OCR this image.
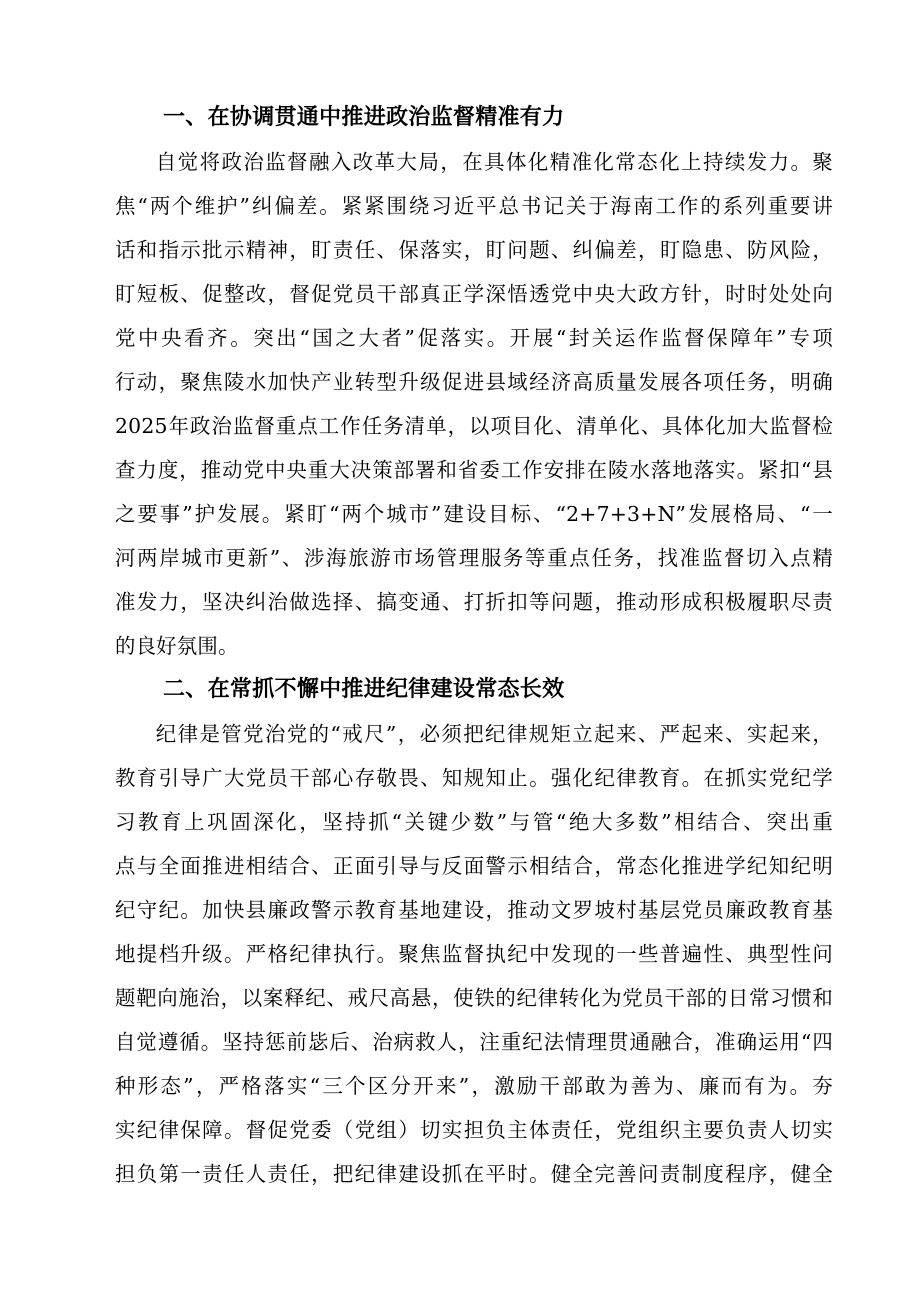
一、在协调贯通中推进政治监督精准有力
自觉将政治监督融入改革大局，在具体化精准化常态化上持续发力。聚
焦“两个维护”纠偏差。紧紧围绕习近平总书记关于海南工作的系列重要讲
话和指示批示精神，盯责任、保落实，盯问题、纠偏差，盯隐患、防风险，
盯短板、促整改，督促党员干部真正学深悟透党中央大政方针，时时处处向
党中央看齐。突出“国之大者”促落实。开展“封关运作监督保障年”专项
行动，聚焦陵水加快产业转型升级促进县域经济高质量发展各项任务，明确
2025年政治监督重点工作任务清单，以项目化、清单化、具体化加大监督检
查力度，推动党中央重大决策部署和省委工作安排在陵水落地落实。紧扣“县
之要事”护发展。紧盯“两个城市”建设目标、“2+7+3+N”发展格局、“一
河两岸城市更新”、涉海旅游市场管理服务等重点任务，找准监督切入点精
准发力，坚决纠治做选择、搞变通、打折扣等问题，推动形成积极履职尽责
的良好氛围。
二、在常抓不懈中推进纪律建设常态长效
纪律是管党治党的“戒尺”，必须把纪律规矩立起来、严起来、实起来，
教育引导广大党员干部心存敬畏、知规知止。强化纪律教育。在抓实党纪学
习教育上巩固深化，坚持抓“关键少数”与管“绝大多数”相结合、突出重
点与全面推进相结合、正面引导与反面警示相结合，常态化推进学纪知纪明
纪守纪。加快县廉政警示教育基地建设，推动文罗坡村基层党员廉政教育基
地提档升级。严格纪律执行。聚焦监督执纪中发现的一些普遍性、典型性问
题靶向施治，以案释纪、戒尺高悬，使铁的纪律转化为党员干部的日常习惯和
自觉遵循。坚持惩前毖后、治病救人，注重纪法情理贯通融合，准确运用“四
种形态”，严格落实“三个区分开来”，激励干部敢为善为、廉而有为。夯
实纪律保障。督促党委（党组）切实担负主体责任，党组织主要负责人切实
担负第一责任人责任，把纪律建设抓在平时。健全完善问责制度程序，健全
